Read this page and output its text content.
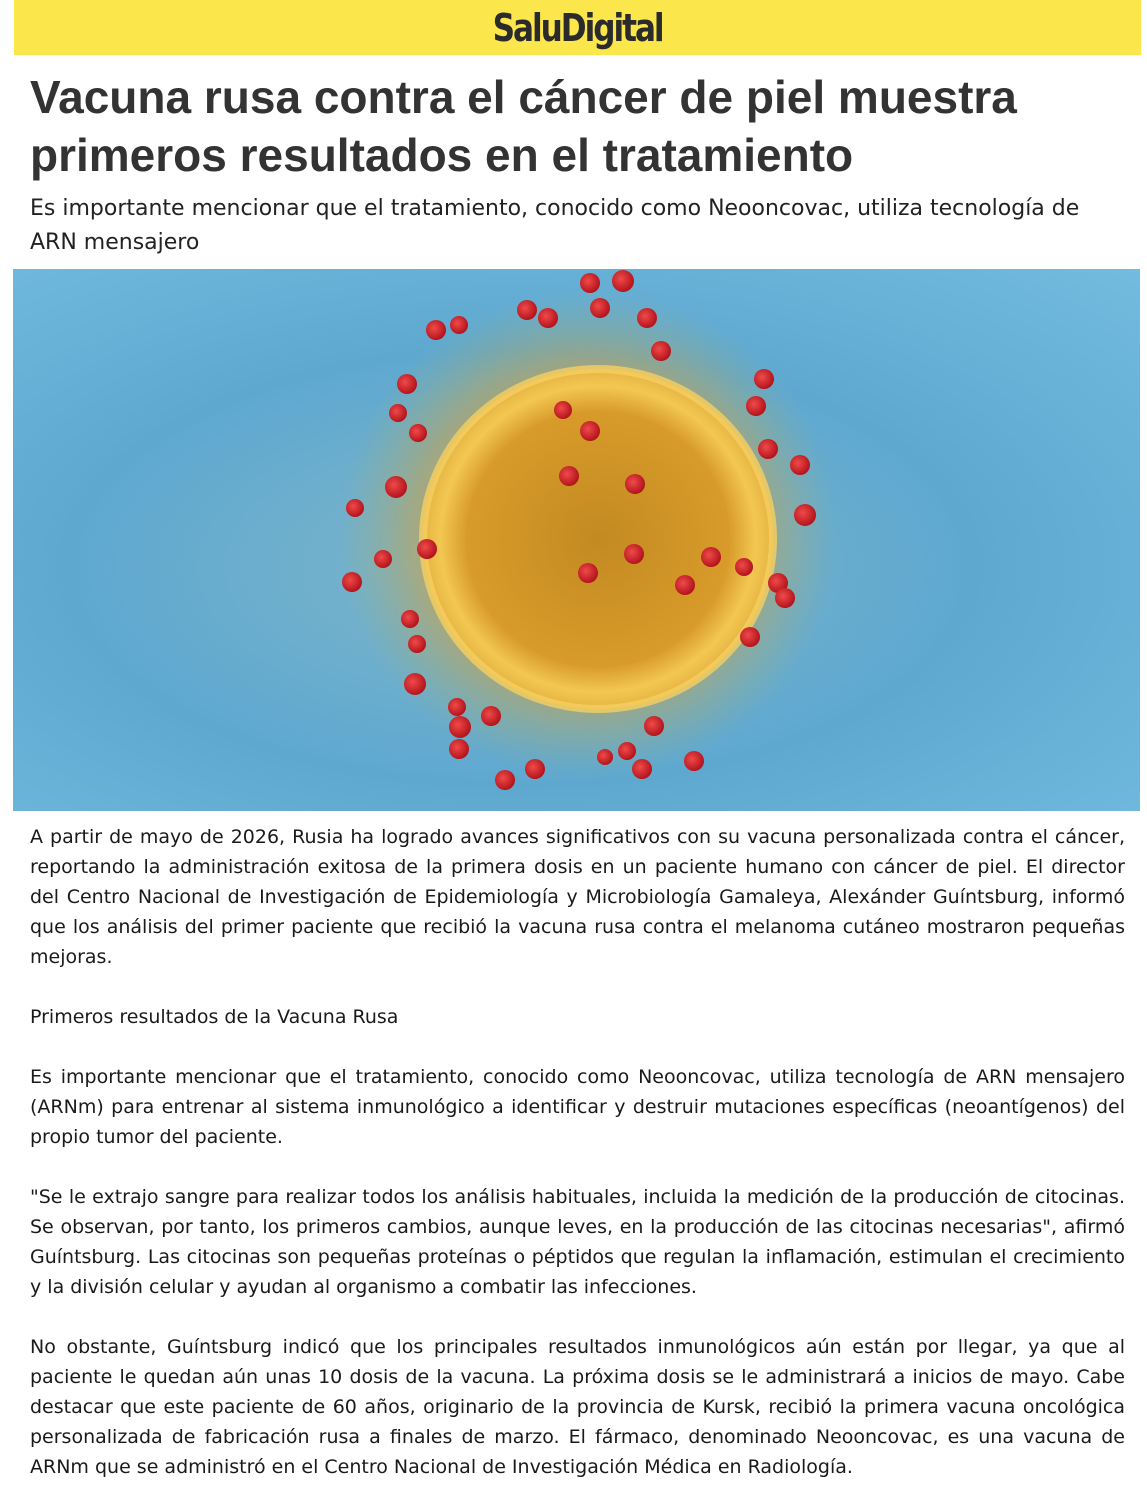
SaluDigital
Vacuna rusa contra el cáncer de piel muestra primeros resultados en el tratamiento

Es importante mencionar que el tratamiento, conocido como Neooncovac, utiliza tecnología de ARN mensajero

A partir de mayo de 2026, Rusia ha logrado avances significativos con su vacuna personalizada contra el cáncer, reportando la administración exitosa de la primera dosis en un paciente humano con cáncer de piel. El director del Centro Nacional de Investigación de Epidemiología y Microbiología Gamaleya, Alexánder Guíntsburg, informó que los análisis del primer paciente que recibió la vacuna rusa contra el melanoma cutáneo mostraron pequeñas mejoras.

Primeros resultados de la Vacuna Rusa

Es importante mencionar que el tratamiento, conocido como Neooncovac, utiliza tecnología de ARN mensajero (ARNm) para entrenar al sistema inmunológico a identificar y destruir mutaciones específicas (neoantígenos) del propio tumor del paciente.

"Se le extrajo sangre para realizar todos los análisis habituales, incluida la medición de la producción de citocinas. Se observan, por tanto, los primeros cambios, aunque leves, en la producción de las citocinas necesarias", afirmó Guíntsburg. Las citocinas son pequeñas proteínas o péptidos que regulan la inflamación, estimulan el crecimiento y la división celular y ayudan al organismo a combatir las infecciones.

No obstante, Guíntsburg indicó que los principales resultados inmunológicos aún están por llegar, ya que al paciente le quedan aún unas 10 dosis de la vacuna. La próxima dosis se le administrará a inicios de mayo. Cabe destacar que este paciente de 60 años, originario de la provincia de Kursk, recibió la primera vacuna oncológica personalizada de fabricación rusa a finales de marzo. El fármaco, denominado Neooncovac, es una vacuna de ARNm que se administró en el Centro Nacional de Investigación Médica en Radiología.
